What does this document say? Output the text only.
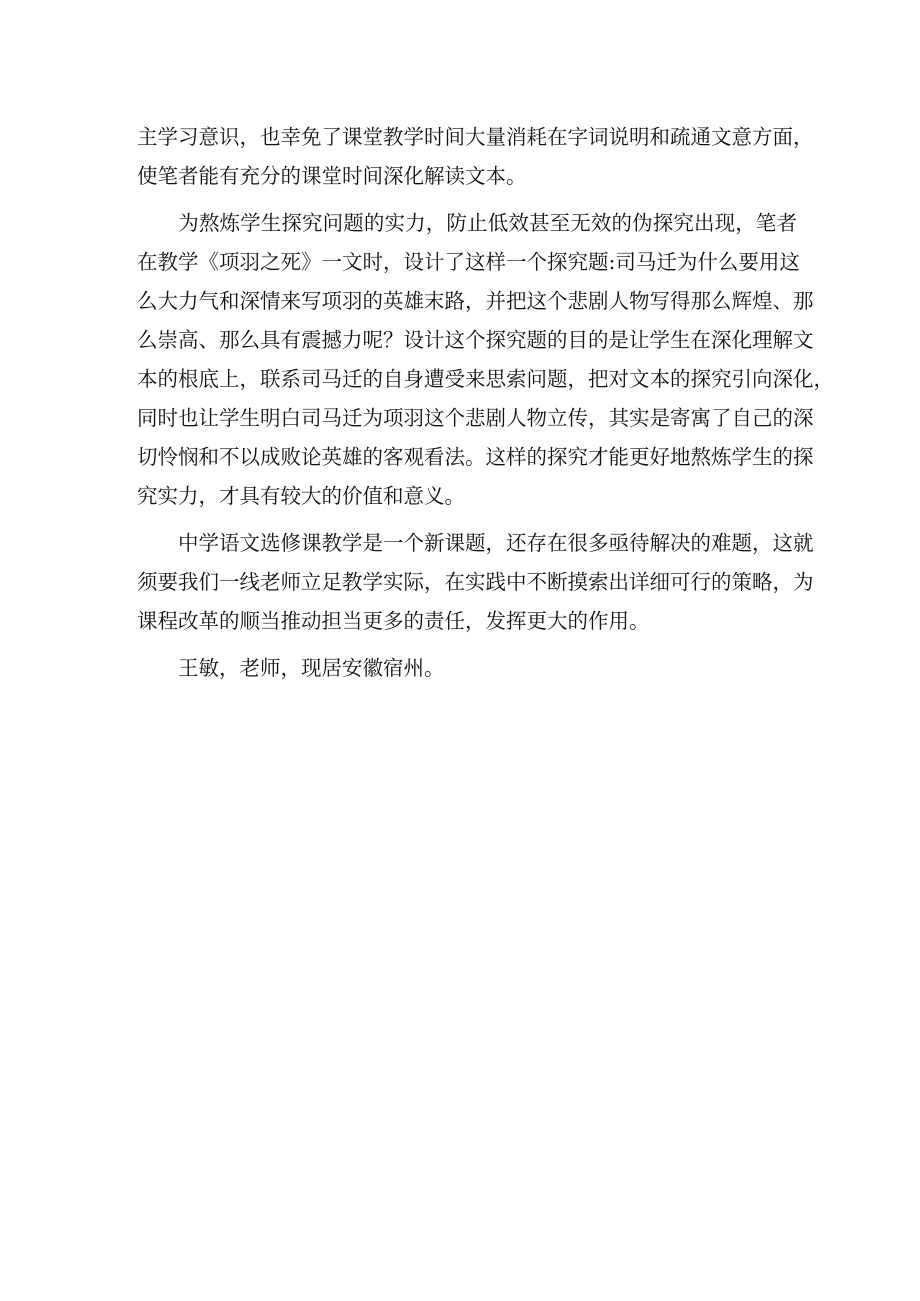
主学习意识，也幸免了课堂教学时间大量消耗在字词说明和疏通文意方面，
使笔者能有充分的课堂时间深化解读文本。

　　为熬炼学生探究问题的实力，防止低效甚至无效的伪探究出现，笔者
在教学《项羽之死》一文时，设计了这样一个探究题:司马迁为什么要用这
么大力气和深情来写项羽的英雄末路，并把这个悲剧人物写得那么辉煌、那
么崇高、那么具有震撼力呢？设计这个探究题的目的是让学生在深化理解文
本的根底上，联系司马迁的自身遭受来思索问题，把对文本的探究引向深化，
同时也让学生明白司马迁为项羽这个悲剧人物立传，其实是寄寓了自己的深
切怜悯和不以成败论英雄的客观看法。这样的探究才能更好地熬炼学生的探
究实力，才具有较大的价值和意义。

　　中学语文选修课教学是一个新课题，还存在很多亟待解决的难题，这就
须要我们一线老师立足教学实际，在实践中不断摸索出详细可行的策略，为
课程改革的顺当推动担当更多的责任，发挥更大的作用。

　　王敏，老师，现居安徽宿州。
